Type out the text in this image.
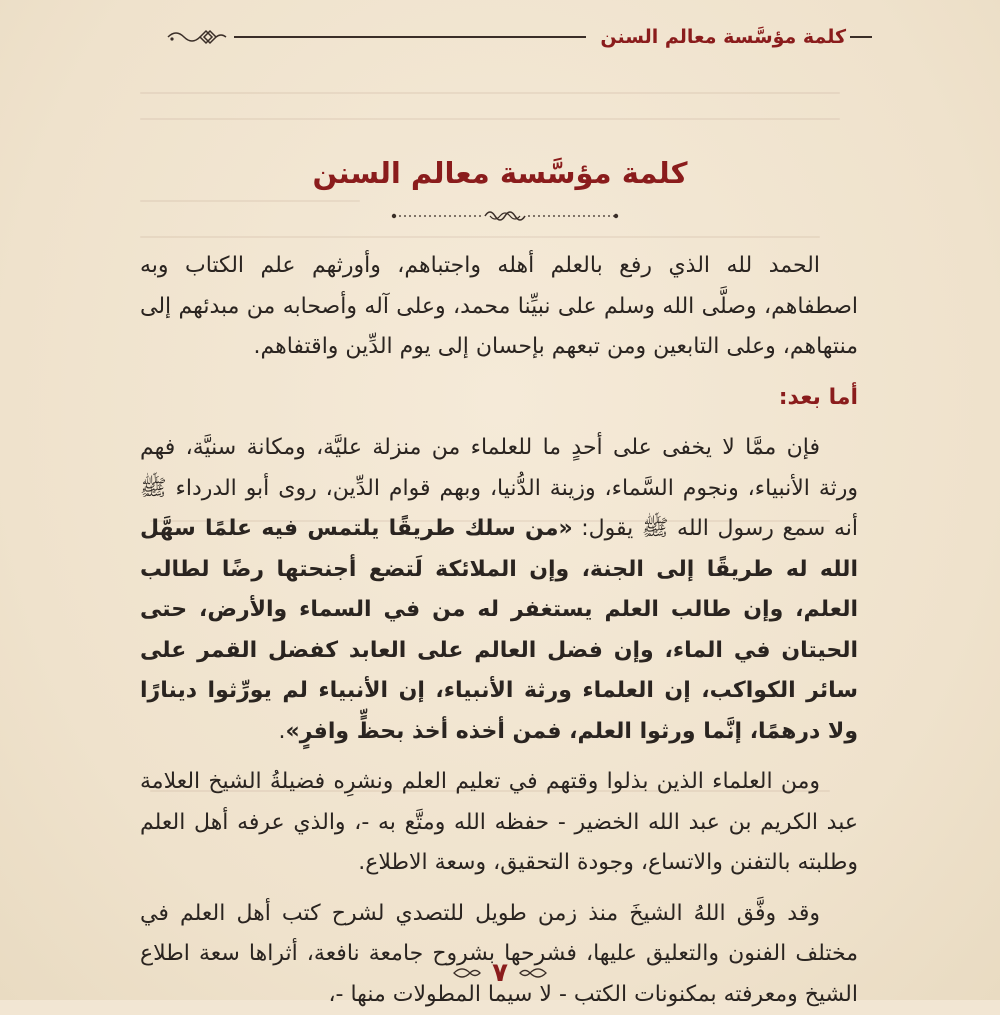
كلمة مؤسَّسة معالم السنن
كلمة مؤسَّسة معالم السنن

الحمد لله الذي رفع بالعلم أهله واجتباهم، وأورثهم علم الكتاب وبه اصطفاهم، وصلَّى الله وسلم على نبيِّنا محمد، وعلى آله وأصحابه من مبدئهم إلى منتهاهم، وعلى التابعين ومن تبعهم بإحسان إلى يوم الدِّين واقتفاهم.

أما بعد:

فإن ممَّا لا يخفى على أحدٍ ما للعلماء من منزلة عليَّة، ومكانة سنيَّة، فهم ورثة الأنبياء، ونجوم السَّماء، وزينة الدُّنيا، وبهم قوام الدِّين، روى أبو الدرداء ﷺ أنه سمع رسول الله ﷺ يقول: «من سلك طريقًا يلتمس فيه علمًا سهَّل الله له طريقًا إلى الجنة، وإن الملائكة لَتضع أجنحتها رضًا لطالب العلم، وإن طالب العلم يستغفر له من في السماء والأرض، حتى الحيتان في الماء، وإن فضل العالم على العابد كفضل القمر على سائر الكواكب، إن العلماء ورثة الأنبياء، إن الأنبياء لم يورِّثوا دينارًا ولا درهمًا، إنَّما ورثوا العلم، فمن أخذه أخذ بحظٍّ وافرٍ».

ومن العلماء الذين بذلوا وقتهم في تعليم العلم ونشرِه فضيلةُ الشيخ العلامة عبد الكريم بن عبد الله الخضير - حفظه الله ومتَّع به -، والذي عرفه أهل العلم وطلبته بالتفنن والاتساع، وجودة التحقيق، وسعة الاطلاع.

وقد وفَّق اللهُ الشيخَ منذ زمن طويل للتصدي لشرح كتب أهل العلم في مختلف الفنون والتعليق عليها، فشرحها بشروح جامعة نافعة، أثراها سعة اطلاع الشيخ ومعرفته بمكنونات الكتب - لا سيما المطولات منها -،

٧
